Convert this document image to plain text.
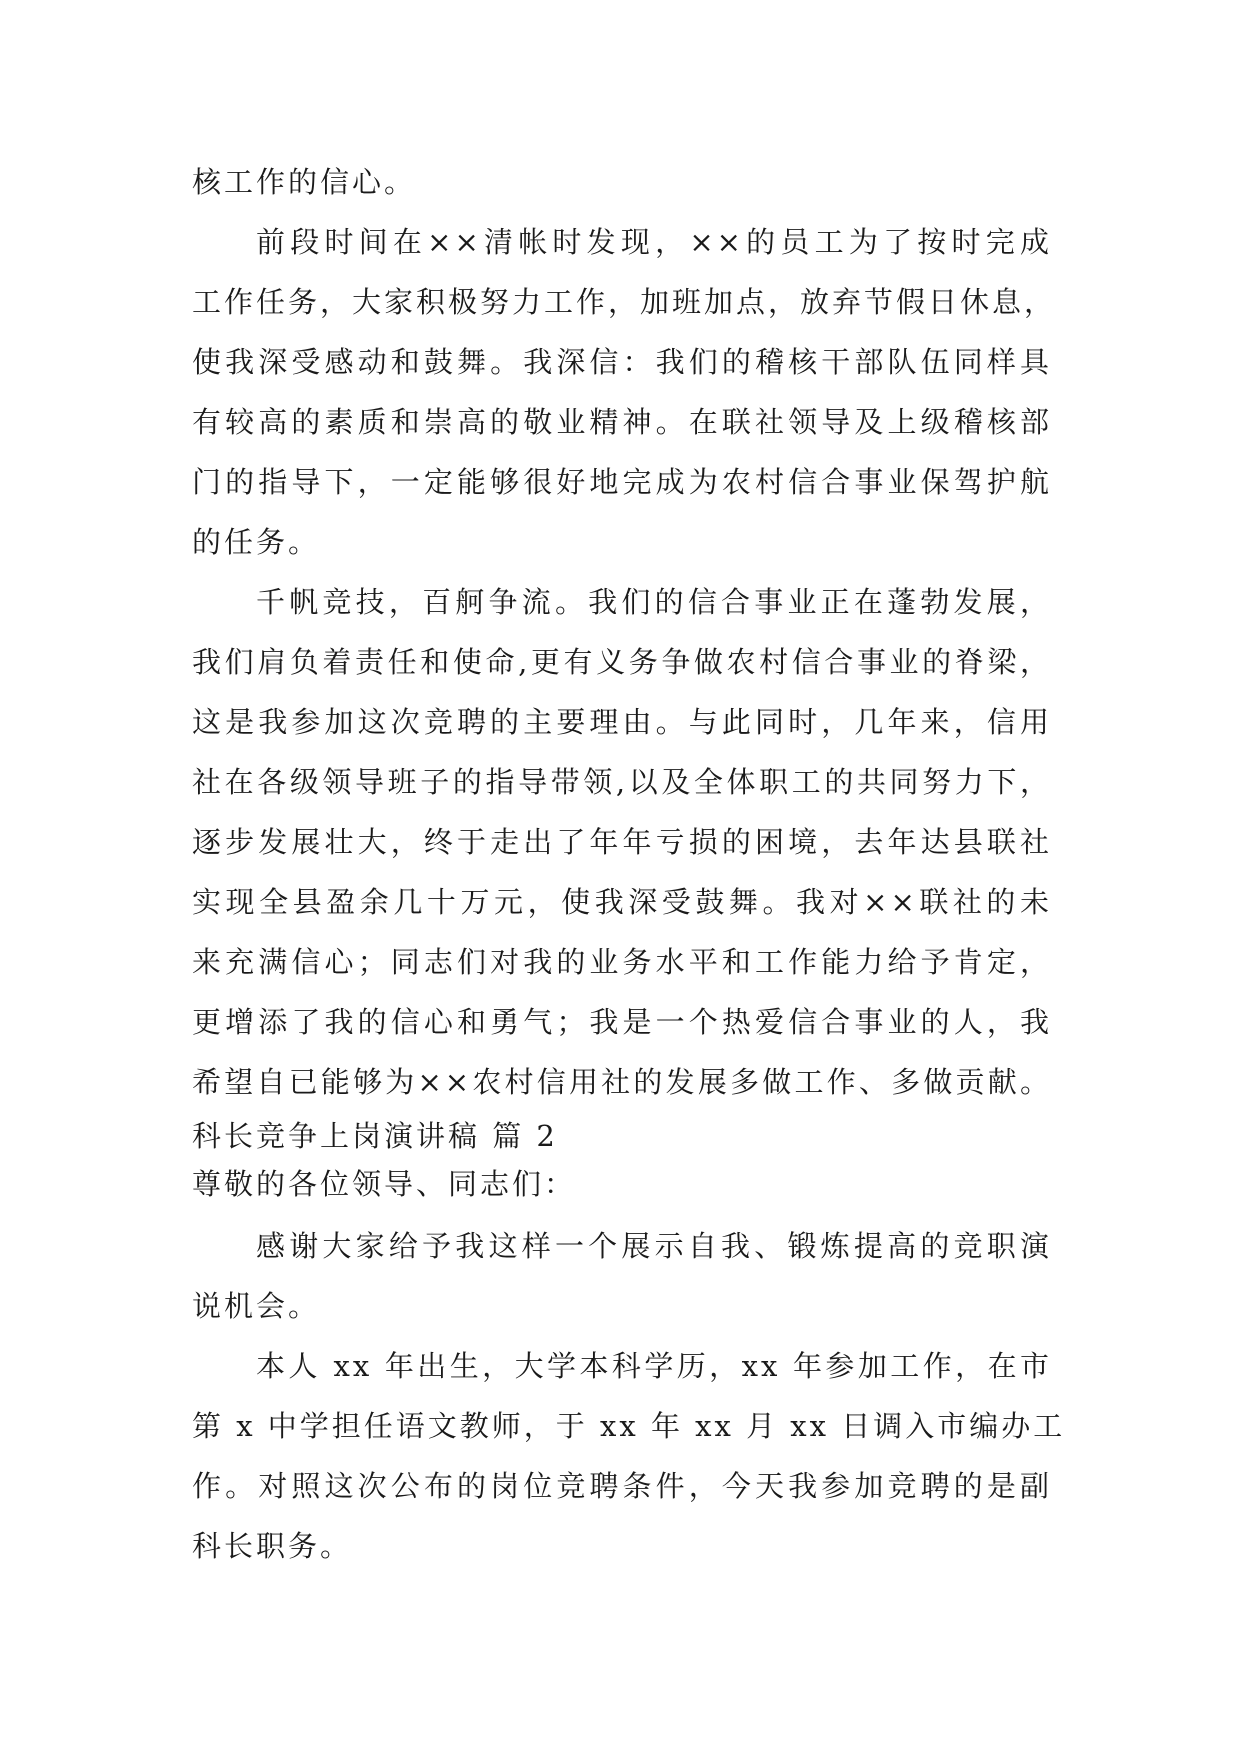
核工作的信心。
前段时间在××清帐时发现，××的员工为了按时完成
工作任务，大家积极努力工作，加班加点，放弃节假日休息，
使我深受感动和鼓舞。我深信：我们的稽核干部队伍同样具
有较高的素质和崇高的敬业精神。在联社领导及上级稽核部
门的指导下，一定能够很好地完成为农村信合事业保驾护航
的任务。
千帆竞技，百舸争流。我们的信合事业正在蓬勃发展，
我们肩负着责任和使命,更有义务争做农村信合事业的脊梁，
这是我参加这次竞聘的主要理由。与此同时，几年来，信用
社在各级领导班子的指导带领,以及全体职工的共同努力下，
逐步发展壮大，终于走出了年年亏损的困境，去年达县联社
实现全县盈余几十万元，使我深受鼓舞。我对××联社的未
来充满信心；同志们对我的业务水平和工作能力给予肯定，
更增添了我的信心和勇气；我是一个热爱信合事业的人，我
希望自已能够为××农村信用社的发展多做工作、多做贡献。
科长竞争上岗演讲稿 篇 2
尊敬的各位领导、同志们：
感谢大家给予我这样一个展示自我、锻炼提高的竞职演
说机会。
本人 xx 年出生，大学本科学历，xx 年参加工作，在市
第 x 中学担任语文教师，于 xx 年 xx 月 xx 日调入市编办工
作。对照这次公布的岗位竞聘条件，今天我参加竞聘的是副
科长职务。
